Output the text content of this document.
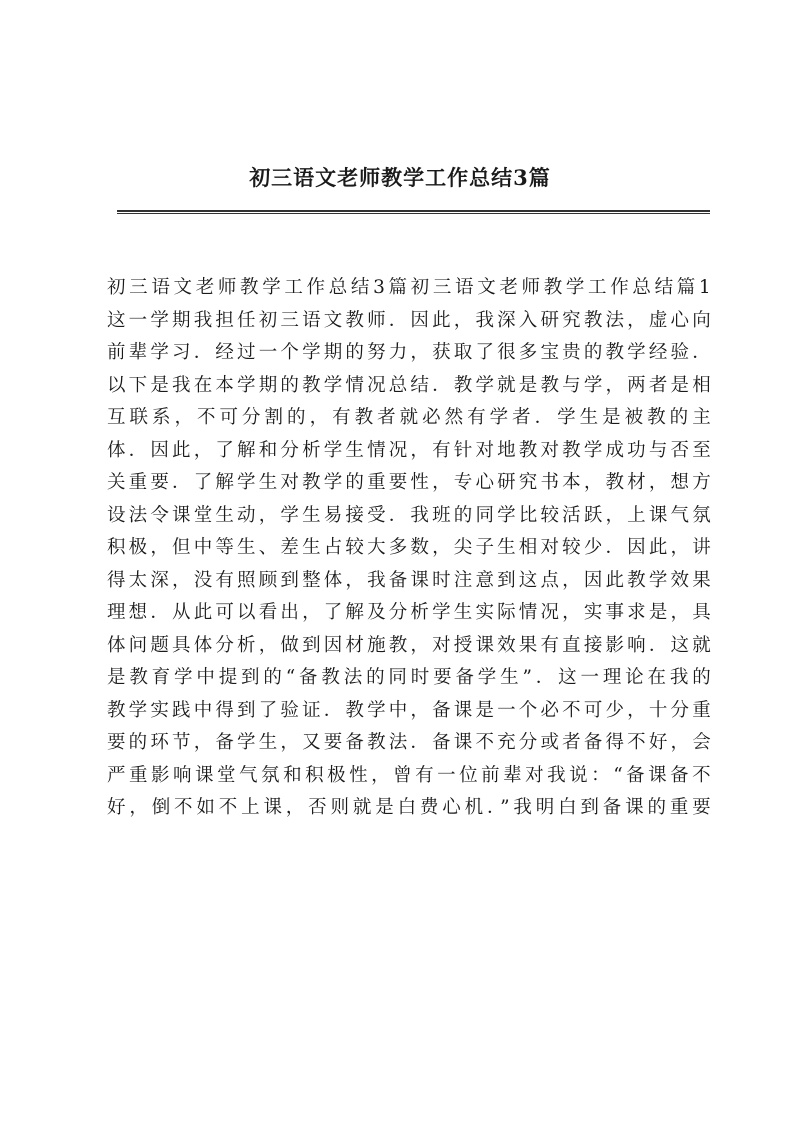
初三语文老师教学工作总结3篇
初三语文老师教学工作总结3篇初三语文老师教学工作总结篇1
这一学期我担任初三语文教师．因此，我深入研究教法，虚心向
前辈学习．经过一个学期的努力，获取了很多宝贵的教学经验．
以下是我在本学期的教学情况总结．教学就是教与学，两者是相
互联系，不可分割的，有教者就必然有学者．学生是被教的主
体．因此，了解和分析学生情况，有针对地教对教学成功与否至
关重要．了解学生对教学的重要性，专心研究书本，教材，想方
设法令课堂生动，学生易接受．我班的同学比较活跃，上课气氛
积极，但中等生、差生占较大多数，尖子生相对较少．因此，讲
得太深，没有照顾到整体，我备课时注意到这点，因此教学效果
理想．从此可以看出，了解及分析学生实际情况，实事求是，具
体问题具体分析，做到因材施教，对授课效果有直接影响．这就
是教育学中提到的“备教法的同时要备学生”．这一理论在我的
教学实践中得到了验证．教学中，备课是一个必不可少，十分重
要的环节，备学生，又要备教法．备课不充分或者备得不好，会
严重影响课堂气氛和积极性，曾有一位前辈对我说：“备课备不
好，倒不如不上课，否则就是白费心机．”我明白到备课的重要
